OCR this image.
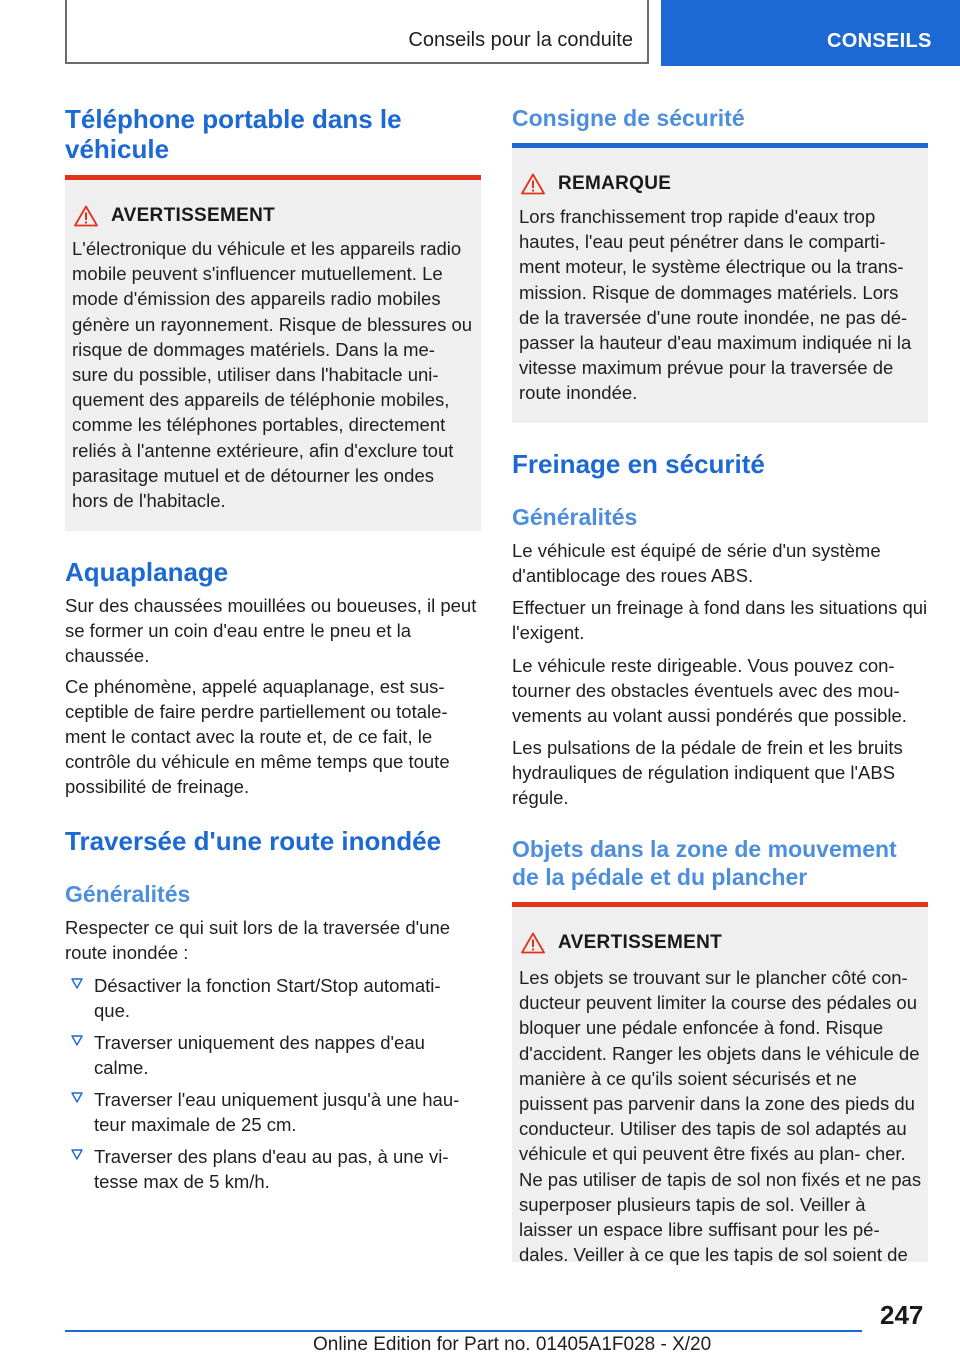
Conseils pour la conduite	CONSEILS
Téléphone portable dans le véhicule
AVERTISSEMENT
L'électronique du véhicule et les appareils radio mobile peuvent s'influencer mutuellement. Le mode d'émission des appareils radio mobiles génère un rayonnement. Risque de blessures ou risque de dommages matériels. Dans la me‐ sure du possible, utiliser dans l'habitacle uni‐ quement des appareils de téléphonie mobiles, comme les téléphones portables, directement reliés à l'antenne extérieure, afin d'exclure tout parasitage mutuel et de détourner les ondes hors de l'habitacle.
Aquaplanage
Sur des chaussées mouillées ou boueuses, il peut se former un coin d'eau entre le pneu et la chaussée.
Ce phénomène, appelé aquaplanage, est sus‐ ceptible de faire perdre partiellement ou totale‐ ment le contact avec la route et, de ce fait, le contrôle du véhicule en même temps que toute possibilité de freinage.
Traversée d'une route inondée
Généralités
Respecter ce qui suit lors de la traversée d'une route inondée :
Désactiver la fonction Start/Stop automati‐ que.
Traverser uniquement des nappes d'eau calme.
Traverser l'eau uniquement jusqu'à une hau‐ teur maximale de 25 cm.
Traverser des plans d'eau au pas, à une vi‐ tesse max de 5 km/h.
Consigne de sécurité
REMARQUE
Lors franchissement trop rapide d'eaux trop hautes, l'eau peut pénétrer dans le comparti‐ ment moteur, le système électrique ou la trans‐ mission. Risque de dommages matériels. Lors de la traversée d'une route inondée, ne pas dé‐ passer la hauteur d'eau maximum indiquée ni la vitesse maximum prévue pour la traversée de route inondée.
Freinage en sécurité
Généralités
Le véhicule est équipé de série d'un système d'antiblocage des roues ABS.
Effectuer un freinage à fond dans les situations qui l'exigent.
Le véhicule reste dirigeable. Vous pouvez con‐ tourner des obstacles éventuels avec des mou‐ vements au volant aussi pondérés que possible.
Les pulsations de la pédale de frein et les bruits hydrauliques de régulation indiquent que l'ABS régule.
Objets dans la zone de mouvement de la pédale et du plancher
AVERTISSEMENT
Les objets se trouvant sur le plancher côté con‐ ducteur peuvent limiter la course des pédales ou bloquer une pédale enfoncée à fond. Risque d'accident. Ranger les objets dans le véhicule de manière à ce qu'ils soient sécurisés et ne puissent pas parvenir dans la zone des pieds du conducteur. Utiliser des tapis de sol adaptés au véhicule et qui peuvent être fixés au plan‐ cher. Ne pas utiliser de tapis de sol non fixés et ne pas superposer plusieurs tapis de sol. Veiller à laisser un espace libre suffisant pour les pé‐ dales. Veiller à ce que les tapis de sol soient de
247
Online Edition for Part no. 01405A1F028 - X/20
